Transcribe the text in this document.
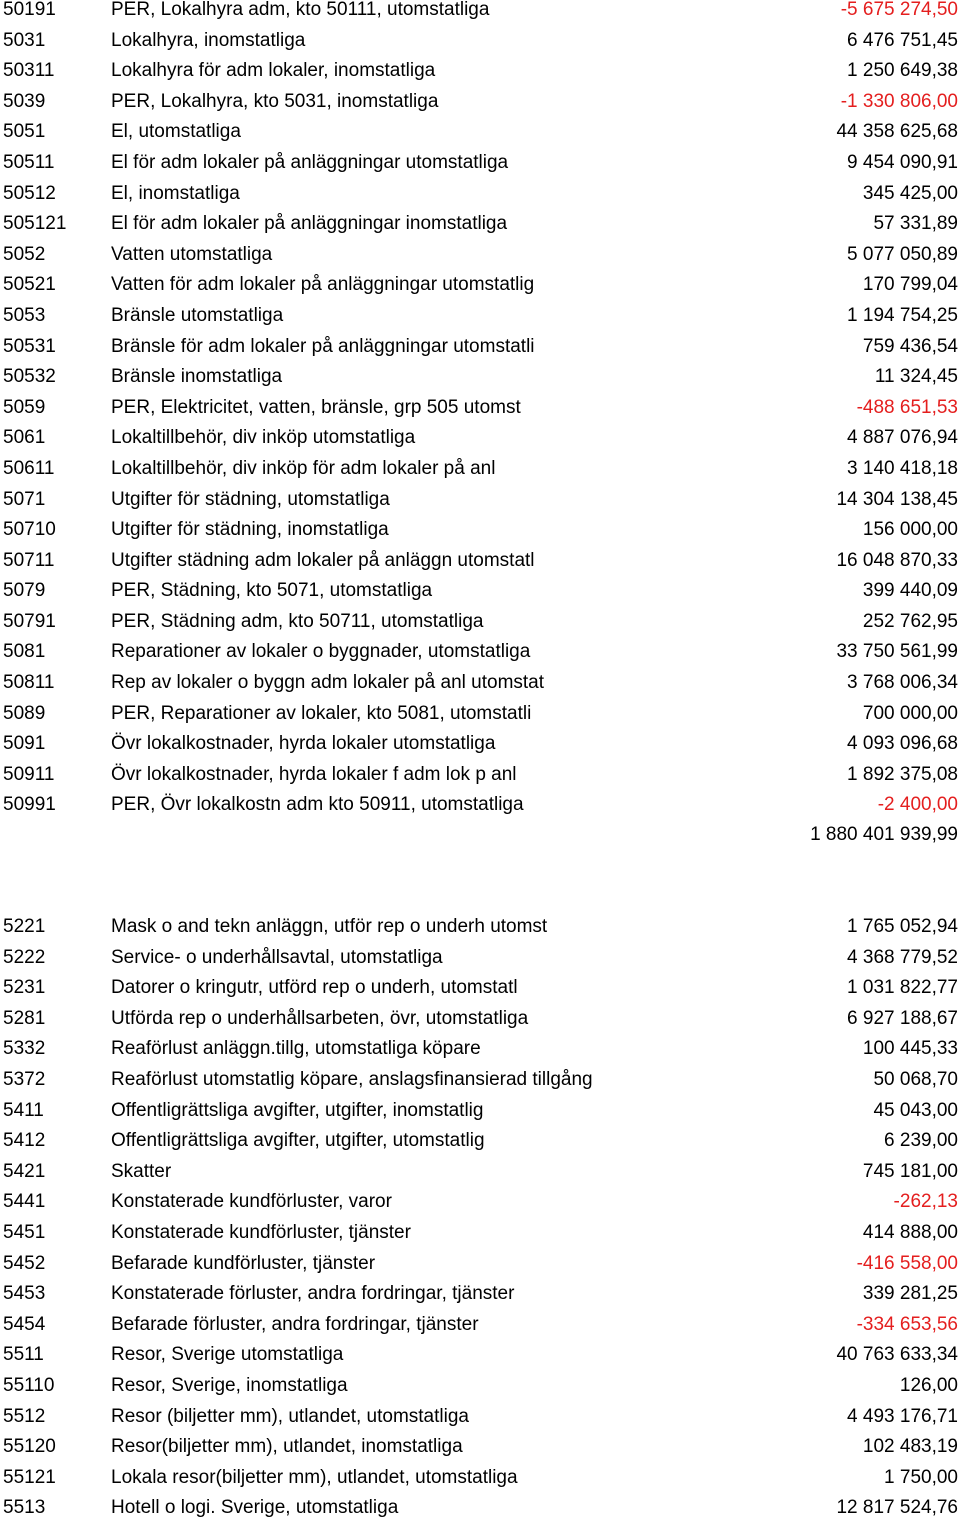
50191	PER, Lokalhyra adm, kto 50111, utomstatliga	-5 675 274,50
5031	Lokalhyra, inomstatliga	6 476 751,45
50311	Lokalhyra för adm lokaler, inomstatliga	1 250 649,38
5039	PER, Lokalhyra, kto 5031, inomstatliga	-1 330 806,00
5051	El, utomstatliga	44 358 625,68
50511	El för adm lokaler på anläggningar utomstatliga	9 454 090,91
50512	El, inomstatliga	345 425,00
505121 El för adm lokaler på anläggningar inomstatliga	57 331,89
5052	Vatten utomstatliga	5 077 050,89
50521	Vatten för adm lokaler på anläggningar utomstatlig	170 799,04
5053	Bränsle utomstatliga	1 194 754,25
50531	Bränsle för adm lokaler på anläggningar utomstatli	759 436,54
50532	Bränsle inomstatliga	11 324,45
5059	PER, Elektricitet, vatten, bränsle, grp 505 utomst	-488 651,53
5061	Lokaltillbehör, div inköp utomstatliga	4 887 076,94
50611	Lokaltillbehör, div inköp för adm lokaler på anl	3 140 418,18
5071	Utgifter för städning, utomstatliga	14 304 138,45
50710	Utgifter för städning, inomstatliga	156 000,00
50711	Utgifter städning adm lokaler på anläggn utomstatl	16 048 870,33
5079	PER, Städning, kto 5071, utomstatliga	399 440,09
50791	PER, Städning adm, kto 50711, utomstatliga	252 762,95
5081	Reparationer av lokaler o byggnader, utomstatliga	33 750 561,99
50811	Rep av lokaler o byggn adm lokaler på anl utomstat	3 768 006,34
5089	PER, Reparationer av lokaler, kto 5081, utomstatli	700 000,00
5091	Övr lokalkostnader, hyrda lokaler utomstatliga	4 093 096,68
50911	Övr lokalkostnader, hyrda lokaler f adm lok p anl	1 892 375,08
50991	PER, Övr lokalkostn adm kto 50911, utomstatliga	-2 400,00
1 880 401 939,99
5221	Mask o and tekn anläggn, utför rep o underh utomst	1 765 052,94
5222	Service- o underhållsavtal, utomstatliga	4 368 779,52
5231	Datorer o kringutr, utförd rep o underh, utomstatl	1 031 822,77
5281	Utförda rep o underhållsarbeten, övr, utomstatliga	6 927 188,67
5332	Reaförlust anläggn.tillg, utomstatliga köpare	100 445,33
5372	Reaförlust utomstatlig köpare, anslagsfinansierad tillgång	50 068,70
5411	Offentligrättsliga avgifter, utgifter, inomstatlig	45 043,00
5412	Offentligrättsliga avgifter, utgifter, utomstatlig	6 239,00
5421	Skatter	745 181,00
5441	Konstaterade kundförluster, varor	-262,13
5451	Konstaterade kundförluster, tjänster	414 888,00
5452	Befarade kundförluster, tjänster	-416 558,00
5453	Konstaterade förluster, andra fordringar, tjänster	339 281,25
5454	Befarade förluster, andra fordringar, tjänster	-334 653,56
5511	Resor, Sverige utomstatliga	40 763 633,34
55110	Resor, Sverige, inomstatliga	126,00
5512	Resor (biljetter mm), utlandet, utomstatliga	4 493 176,71
55120	Resor(biljetter mm), utlandet, inomstatliga	102 483,19
55121	Lokala resor(biljetter mm), utlandet, utomstatliga	1 750,00
5513	Hotell o logi. Sverige, utomstatliga	12 817 524,76
